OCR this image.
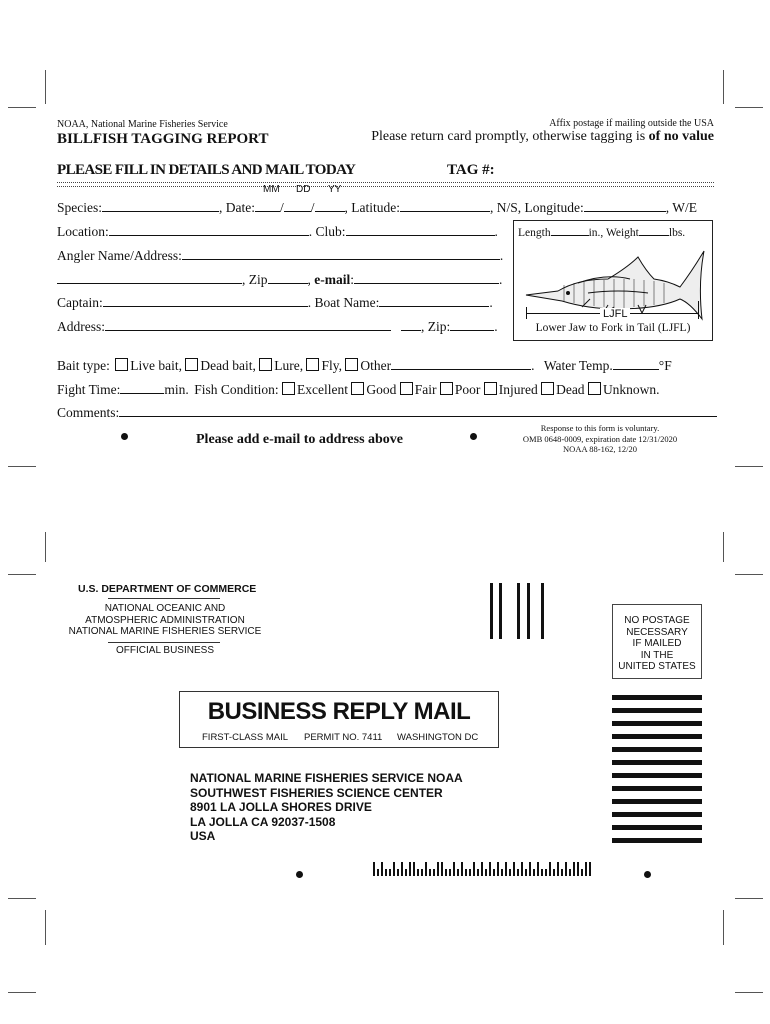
NOAA, National Marine Fisheries Service
BILLFISH TAGGING REPORT
Affix postage if mailing outside the USA
Please return card promptly, otherwise tagging is of no value
PLEASE FILL IN DETAILS AND MAIL TODAY	TAG #:
MM DD YY
Species:	, Date: / / , Latitude:	, N/S, Longitude:	, W/E
Location:	. Club:	. Length	in., Weight	lbs.
LJFL
Lower Jaw to Fork in Tail (LJFL)
Angler Name/Address:	.
, Zip	, e-mail:	.
Captain:	. Boat Name:	.
Address:	, Zip:	.
Bait type: Live bait, Dead bait, Lure, Fly, Other	. Water Temp.	°F
Fight Time:	min. Fish Condition: Excellent Good Fair Poor Injured Dead Unknown.
Comments:
Please add e-mail to address above
Response to this form is voluntary.
OMB 0648-0009, expiration date 12/31/2020
NOAA 88-162, 12/20
U.S. DEPARTMENT OF COMMERCE
NATIONAL OCEANIC AND
ATMOSPHERIC ADMINISTRATION
NATIONAL MARINE FISHERIES SERVICE
OFFICIAL BUSINESS
NO POSTAGE
NECESSARY
IF MAILED
IN THE
UNITED STATES
BUSINESS REPLY MAIL
FIRST-CLASS MAIL PERMIT NO. 7411 WASHINGTON DC
NATIONAL MARINE FISHERIES SERVICE NOAA
SOUTHWEST FISHERIES SCIENCE CENTER
8901 LA JOLLA SHORES DRIVE
LA JOLLA CA 92037-1508
USA
